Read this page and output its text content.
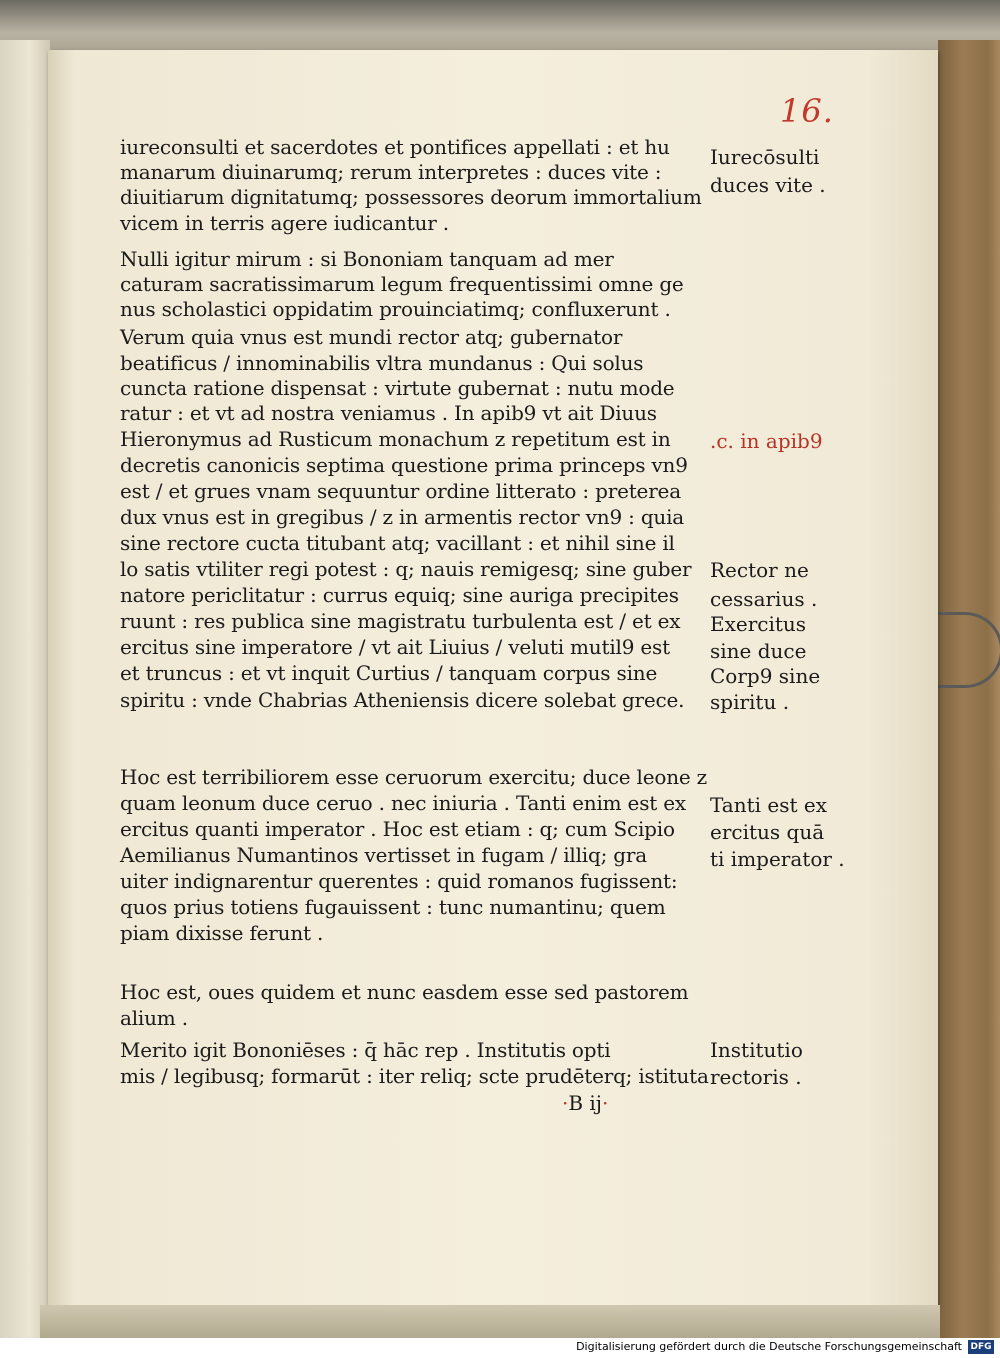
16.
iureconsulti et sacerdotes et pontifices appellati : et hu
manarum diuinarumq; rerum interpretes : duces vite :
diuitiarum dignitatumq; possessores deorum immortalium
vicem in terris agere iudicantur .
Nulli igitur mirum : si Bononiam tanquam ad mer
caturam sacratissimarum legum frequentissimi omne ge
nus scholastici oppidatim prouinciatimq; confluxerunt .
Verum quia vnus est mundi rector atq; gubernator
beatificus / innominabilis vltra mundanus : Qui solus
cuncta ratione dispensat : virtute gubernat : nutu mode
ratur : et vt ad nostra veniamus . In apib9 vt ait Diuus
Hieronymus ad Rusticum monachum z repetitum est in
decretis canonicis septima questione prima princeps vn9
est / et grues vnam sequuntur ordine litterato : preterea
dux vnus est in gregibus / z in armentis rector vn9 : quia
sine rectore cucta titubant atq; vacillant : et nihil sine il
lo satis vtiliter regi potest : q; nauis remigesq; sine guber
natore periclitatur : currus equiq; sine auriga precipites
ruunt : res publica sine magistratu turbulenta est / et ex
ercitus sine imperatore / vt ait Liuius / veluti mutil9 est
et truncus : et vt inquit Curtius / tanquam corpus sine
spiritu : vnde Chabrias Atheniensis dicere solebat grece.
Hoc est terribiliorem esse ceruorum exercitu; duce leone z
quam leonum duce ceruo . nec iniuria . Tanti enim est ex
ercitus quanti imperator . Hoc est etiam : q; cum Scipio
Aemilianus Numantinos vertisset in fugam / illiq; gra
uiter indignarentur querentes : quid romanos fugissent:
quos prius totiens fugauissent : tunc numantinu; quem
piam dixisse ferunt .
Hoc est, oues quidem et nunc easdem esse sed pastorem
alium .
Merito igit Bononiēses : q̄ hāc rep . Institutis opti
mis / legibusq; formarūt : iter reliq; scte prudēterq; istituta
Iurecōsulti
duces vite .
.c. in apib9
Rector ne
cessarius .
Exercitus
sine duce
Corp9 sine
spiritu .
Tanti est ex
ercitus quā
ti imperator .
Institutio
rectoris .
·B ij·
Digitalisierung gefördert durch die Deutsche Forschungsgemeinschaft DFG
